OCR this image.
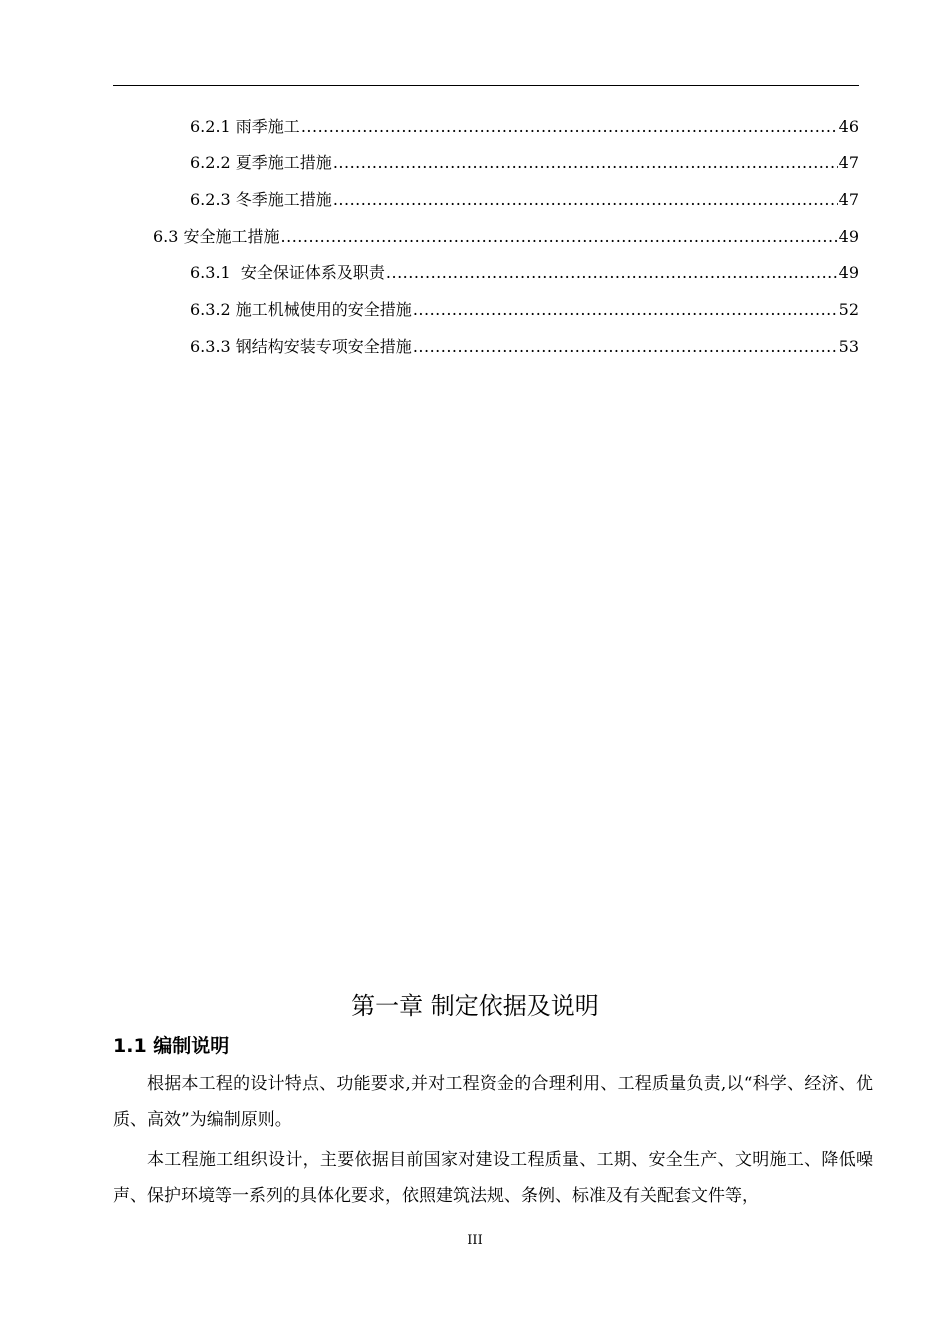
6.2.1 雨季施工 .....	46
6.2.2 夏季施工措施 .....	47
6.2.3 冬季施工措施 .....	47
6.3 安全施工措施 .....	49
6.3.1  安全保证体系及职责 .....	49
6.3.2 施工机械使用的安全措施 .....	52
6.3.3 钢结构安装专项安全措施 .....	53
第一章 制定依据及说明
1.1 编制说明

根据本工程的设计特点、功能要求,并对工程资金的合理利用、工程质量负责,以“科学、经济、优质、高效”为编制原则。

本工程施工组织设计，主要依据目前国家对建设工程质量、工期、安全生产、文明施工、降低噪声、保护环境等一系列的具体化要求，依照建筑法规、条例、标准及有关配套文件等，

III
